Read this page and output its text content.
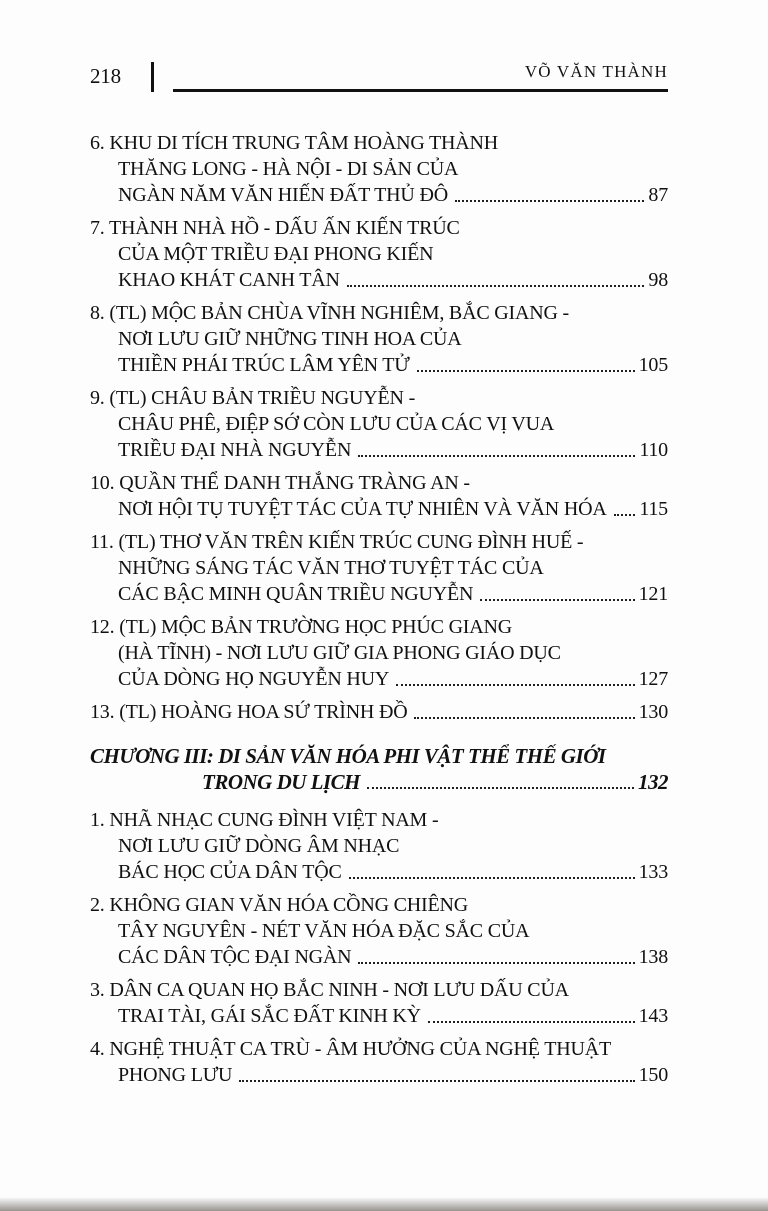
218	VÕ VĂN THÀNH
6. KHU DI TÍCH TRUNG TÂM HOÀNG THÀNH
THĂNG LONG - HÀ NỘI - DI SẢN CỦA
NGÀN NĂM VĂN HIẾN ĐẤT THỦ ĐÔ	87
7. THÀNH NHÀ HỒ - DẤU ẤN KIẾN TRÚC
CỦA MỘT TRIỀU ĐẠI PHONG KIẾN
KHAO KHÁT CANH TÂN	98
8. (TL) MỘC BẢN CHÙA VĨNH NGHIÊM, BẮC GIANG -
NƠI LƯU GIỮ NHỮNG TINH HOA CỦA
THIỀN PHÁI TRÚC LÂM YÊN TỬ	105
9. (TL) CHÂU BẢN TRIỀU NGUYỄN -
CHÂU PHÊ, ĐIỆP SỚ CÒN LƯU CỦA CÁC VỊ VUA
TRIỀU ĐẠI NHÀ NGUYỄN	110
10. QUẦN THỂ DANH THẮNG TRÀNG AN -
NƠI HỘI TỤ TUYỆT TÁC CỦA TỰ NHIÊN VÀ VĂN HÓA 115
11. (TL) THƠ VĂN TRÊN KIẾN TRÚC CUNG ĐÌNH HUẾ -
NHỮNG SÁNG TÁC VĂN THƠ TUYỆT TÁC CỦA
CÁC BẬC MINH QUÂN TRIỀU NGUYỄN	121
12. (TL) MỘC BẢN TRƯỜNG HỌC PHÚC GIANG
(HÀ TĨNH) - NƠI LƯU GIỮ GIA PHONG GIÁO DỤC
CỦA DÒNG HỌ NGUYỄN HUY	127
13. (TL) HOÀNG HOA SỨ TRÌNH ĐỒ	130
CHƯƠNG III: DI SẢN VĂN HÓA PHI VẬT THỂ THẾ GIỚI
TRONG DU LỊCH	132
1. NHÃ NHẠC CUNG ĐÌNH VIỆT NAM -
NƠI LƯU GIỮ DÒNG ÂM NHẠC
BÁC HỌC CỦA DÂN TỘC	133
2. KHÔNG GIAN VĂN HÓA CỒNG CHIÊNG
TÂY NGUYÊN - NÉT VĂN HÓA ĐẶC SẮC CỦA
CÁC DÂN TỘC ĐẠI NGÀN	138
3. DÂN CA QUAN HỌ BẮC NINH - NƠI LƯU DẤU CỦA
TRAI TÀI, GÁI SẮC ĐẤT KINH KỲ	143
4. NGHỆ THUẬT CA TRÙ - ÂM HƯỞNG CỦA NGHỆ THUẬT
PHONG LƯU	150
